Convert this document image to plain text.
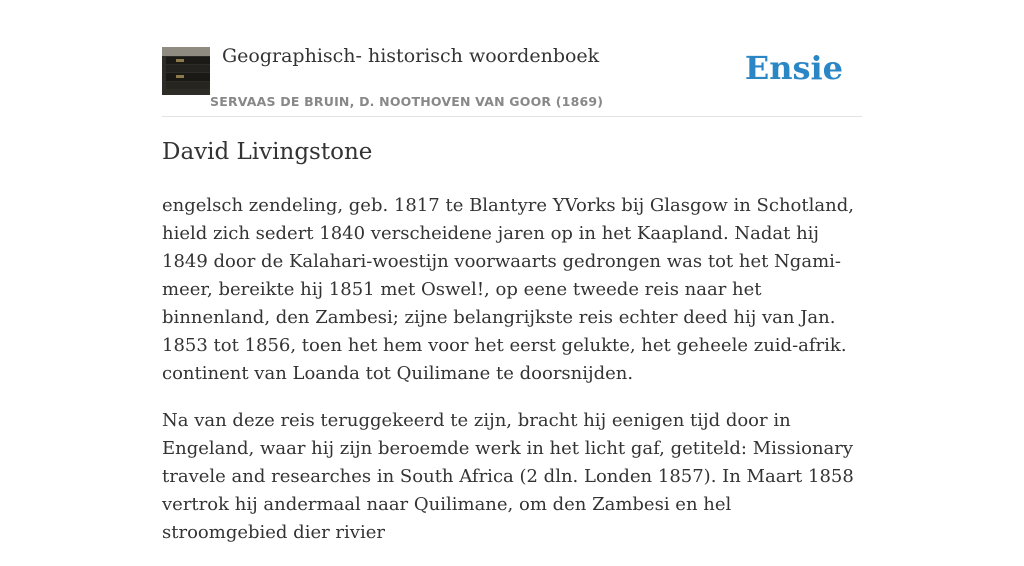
Geographisch- historisch woordenboek
SERVAAS DE BRUIN, D. NOOTHOVEN VAN GOOR (1869)
Ensie
David Livingstone

engelsch zendeling, geb. 1817 te Blantyre YVorks bij Glasgow in Schotland, hield zich sedert 1840 verscheidene jaren op in het Kaapland. Nadat hij 1849 door de Kalahari-woestijn voorwaarts gedrongen was tot het Ngami-meer, bereikte hij 1851 met Oswel!, op eene tweede reis naar het binnenland, den Zambesi; zijne belangrijkste reis echter deed hij van Jan. 1853 tot 1856, toen het hem voor het eerst gelukte, het geheele zuid-afrik. continent van Loanda tot Quilimane te doorsnijden.

Na van deze reis teruggekeerd te zijn, bracht hij eenigen tijd door in Engeland, waar hij zijn beroemde werk in het licht gaf, getiteld: Missionary travele and researches in South Africa (2 dln. Londen 1857). In Maart 1858 vertrok hij andermaal naar Quilimane, om den Zambesi en hel stroomgebied dier rivier
